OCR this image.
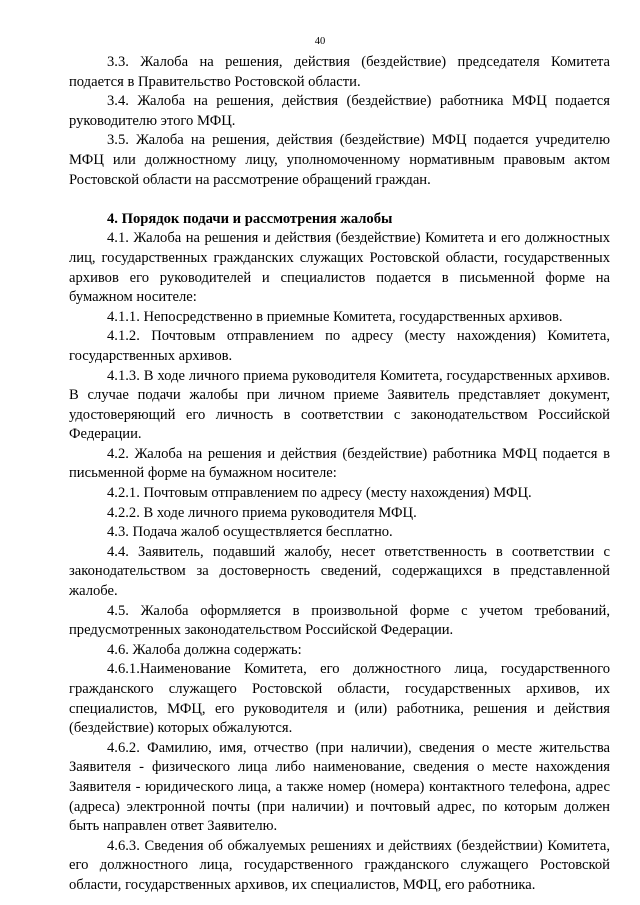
40

3.3. Жалоба на решения, действия (бездействие) председателя Комитета подается в Правительство Ростовской области.

3.4. Жалоба на решения, действия (бездействие) работника МФЦ подается руководителю этого МФЦ.

3.5. Жалоба на решения, действия (бездействие) МФЦ подается учредителю МФЦ или должностному лицу, уполномоченному нормативным правовым актом Ростовской области на рассмотрение обращений граждан.

4. Порядок подачи и рассмотрения жалобы

4.1. Жалоба на решения и действия (бездействие) Комитета и его должностных лиц, государственных гражданских служащих Ростовской области, государственных архивов его руководителей и специалистов подается в письменной форме на бумажном носителе:

4.1.1. Непосредственно в приемные Комитета, государственных архивов.

4.1.2. Почтовым отправлением по адресу (месту нахождения) Комитета, государственных архивов.

4.1.3. В ходе личного приема руководителя Комитета, государственных архивов. В случае подачи жалобы при личном приеме Заявитель представляет документ, удостоверяющий его личность в соответствии с законодательством Российской Федерации.

4.2. Жалоба на решения и действия (бездействие) работника МФЦ подается в письменной форме на бумажном носителе:

4.2.1. Почтовым отправлением по адресу (месту нахождения) МФЦ.

4.2.2. В ходе личного приема руководителя МФЦ.

4.3. Подача жалоб осуществляется бесплатно.

4.4. Заявитель, подавший жалобу, несет ответственность в соответствии с законодательством за достоверность сведений, содержащихся в представленной жалобе.

4.5. Жалоба оформляется в произвольной форме с учетом требований, предусмотренных законодательством Российской Федерации.

4.6. Жалоба должна содержать:

4.6.1.Наименование Комитета, его должностного лица, государственного гражданского служащего Ростовской области, государственных архивов, их специалистов, МФЦ, его руководителя и (или) работника, решения и действия (бездействие) которых обжалуются.

4.6.2. Фамилию, имя, отчество (при наличии), сведения о месте жительства Заявителя - физического лица либо наименование, сведения о месте нахождения Заявителя - юридического лица, а также номер (номера) контактного телефона, адрес (адреса) электронной почты (при наличии) и почтовый адрес, по которым должен быть направлен ответ Заявителю.

4.6.3. Сведения об обжалуемых решениях и действиях (бездействии) Комитета, его должностного лица, государственного гражданского служащего Ростовской области, государственных архивов, их специалистов, МФЦ, его работника.
